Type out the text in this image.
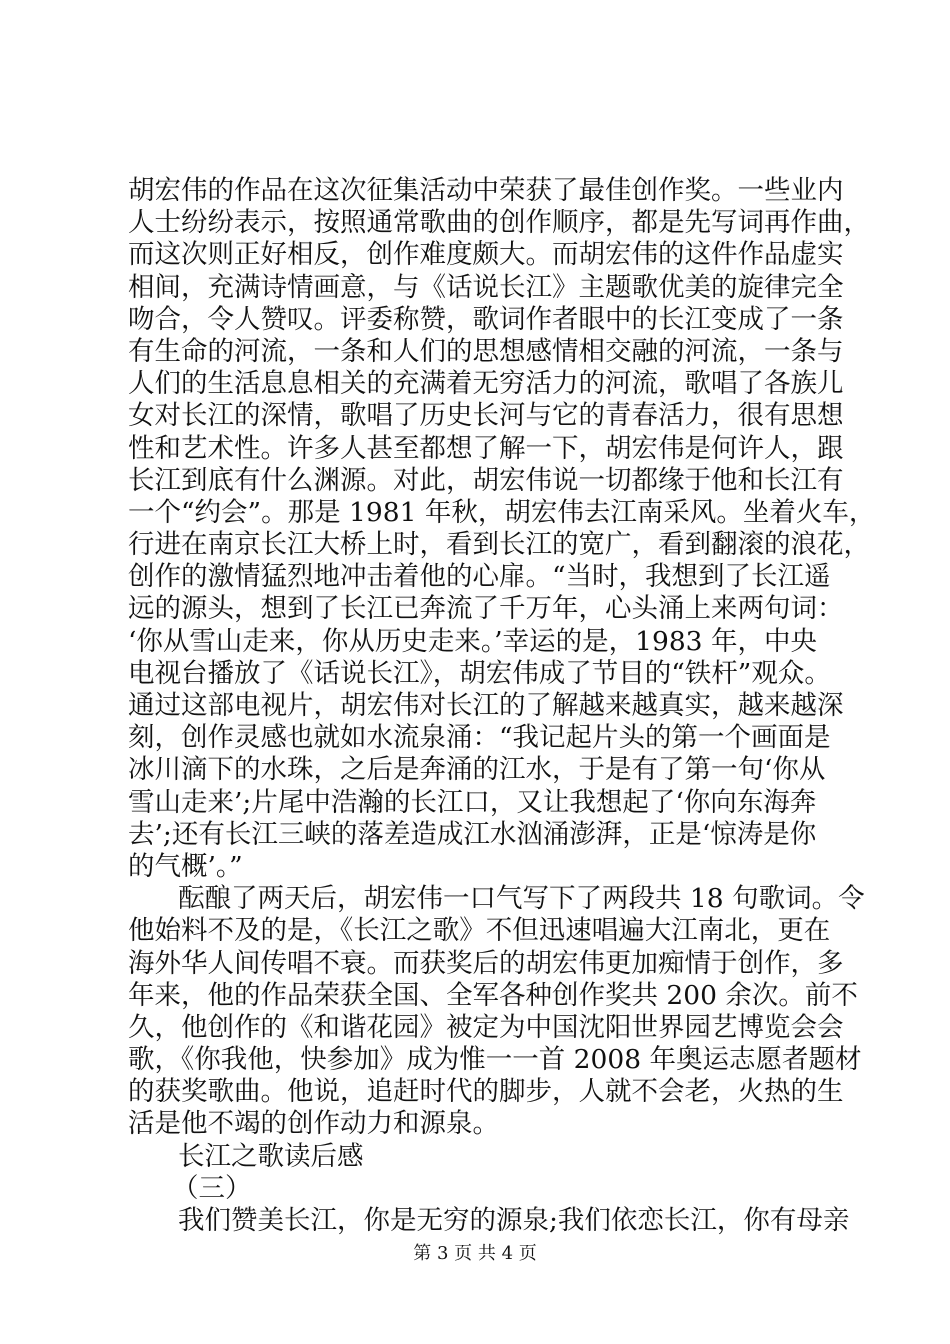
胡宏伟的作品在这次征集活动中荣获了最佳创作奖。一些业内
人士纷纷表示，按照通常歌曲的创作顺序，都是先写词再作曲，
而这次则正好相反，创作难度颇大。而胡宏伟的这件作品虚实
相间，充满诗情画意，与《话说长江》主题歌优美的旋律完全
吻合，令人赞叹。评委称赞，歌词作者眼中的长江变成了一条
有生命的河流，一条和人们的思想感情相交融的河流，一条与
人们的生活息息相关的充满着无穷活力的河流，歌唱了各族儿
女对长江的深情，歌唱了历史长河与它的青春活力，很有思想
性和艺术性。许多人甚至都想了解一下，胡宏伟是何许人，跟
长江到底有什么渊源。对此，胡宏伟说一切都缘于他和长江有
一个“约会”。那是 1981 年秋，胡宏伟去江南采风。坐着火车，
行进在南京长江大桥上时，看到长江的宽广，看到翻滚的浪花，
创作的激情猛烈地冲击着他的心扉。“当时，我想到了长江遥
远的源头，想到了长江已奔流了千万年，心头涌上来两句词：
‘你从雪山走来，你从历史走来。’幸运的是，1983 年，中央
电视台播放了《话说长江》，胡宏伟成了节目的“铁杆”观众。
通过这部电视片，胡宏伟对长江的了解越来越真实，越来越深
刻，创作灵感也就如水流泉涌：“我记起片头的第一个画面是
冰川滴下的水珠，之后是奔涌的江水，于是有了第一句‘你从
雪山走来’;片尾中浩瀚的长江口，又让我想起了‘你向东海奔
去’;还有长江三峡的落差造成江水汹涌澎湃，正是‘惊涛是你
的气概’。”
酝酿了两天后，胡宏伟一口气写下了两段共 18 句歌词。令
他始料不及的是，《长江之歌》不但迅速唱遍大江南北，更在
海外华人间传唱不衰。而获奖后的胡宏伟更加痴情于创作，多
年来，他的作品荣获全国、全军各种创作奖共 200 余次。前不
久，他创作的《和谐花园》被定为中国沈阳世界园艺博览会会
歌，《你我他，快参加》成为惟一一首 2008 年奥运志愿者题材
的获奖歌曲。他说，追赶时代的脚步，人就不会老，火热的生
活是他不竭的创作动力和源泉。
长江之歌读后感
（三）
我们赞美长江，你是无穷的源泉;我们依恋长江，你有母亲
第 3 页 共 4 页
